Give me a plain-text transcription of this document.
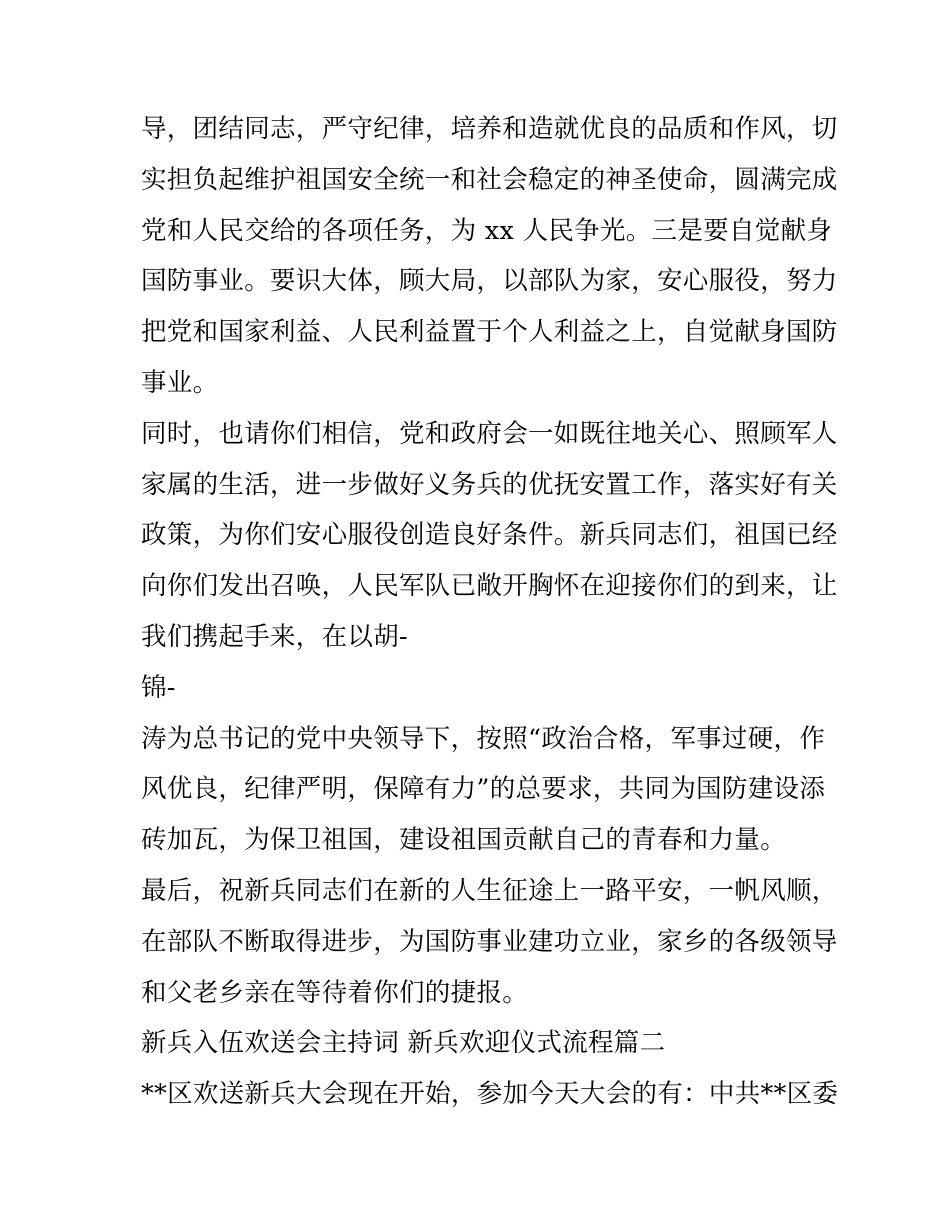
导，团结同志，严守纪律，培养和造就优良的品质和作风，切
实担负起维护祖国安全统一和社会稳定的神圣使命，圆满完成
党和人民交给的各项任务，为 xx 人民争光。三是要自觉献身
国防事业。要识大体，顾大局，以部队为家，安心服役，努力
把党和国家利益、人民利益置于个人利益之上，自觉献身国防
事业。
同时，也请你们相信，党和政府会一如既往地关心、照顾军人
家属的生活，进一步做好义务兵的优抚安置工作，落实好有关
政策，为你们安心服役创造良好条件。新兵同志们，祖国已经
向你们发出召唤，人民军队已敞开胸怀在迎接你们的到来，让
我们携起手来，在以胡-
锦-
涛为总书记的党中央领导下，按照“政治合格，军事过硬，作
风优良，纪律严明，保障有力”的总要求，共同为国防建设添
砖加瓦，为保卫祖国，建设祖国贡献自己的青春和力量。
最后，祝新兵同志们在新的人生征途上一路平安，一帆风顺，
在部队不断取得进步，为国防事业建功立业，家乡的各级领导
和父老乡亲在等待着你们的捷报。
新兵入伍欢送会主持词 新兵欢迎仪式流程篇二
**区欢送新兵大会现在开始，参加今天大会的有：中共**区委
